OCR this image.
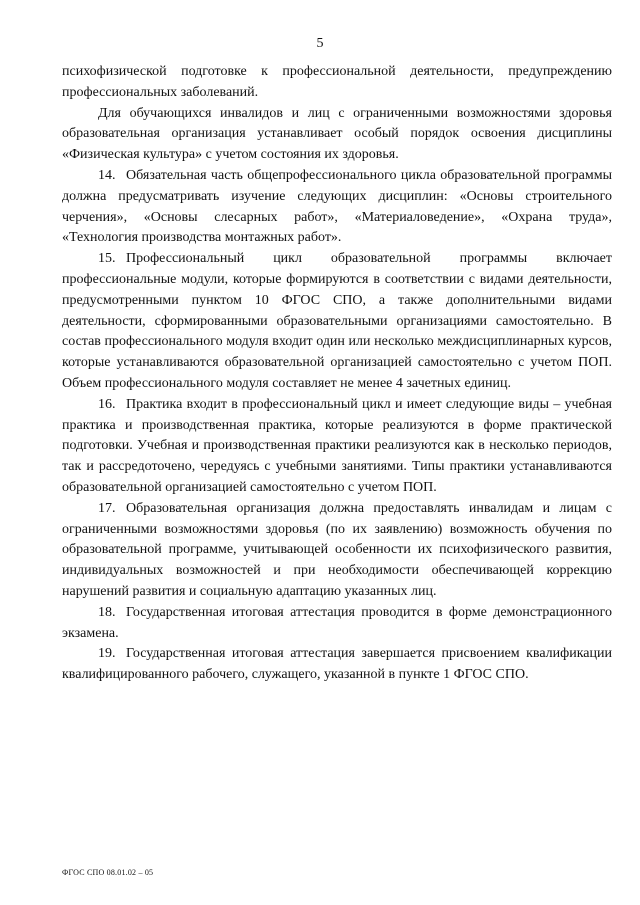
5

психофизической подготовке к профессиональной деятельности, предупреждению профессиональных заболеваний.

Для обучающихся инвалидов и лиц с ограниченными возможностями здоровья образовательная организация устанавливает особый порядок освоения дисциплины «Физическая культура» с учетом состояния их здоровья.

14. Обязательная часть общепрофессионального цикла образовательной программы должна предусматривать изучение следующих дисциплин: «Основы строительного черчения», «Основы слесарных работ», «Материаловедение», «Охрана труда», «Технология производства монтажных работ».

15. Профессиональный цикл образовательной программы включает профессиональные модули, которые формируются в соответствии с видами деятельности, предусмотренными пунктом 10 ФГОС СПО, а также дополнительными видами деятельности, сформированными образовательными организациями самостоятельно. В состав профессионального модуля входит один или несколько междисциплинарных курсов, которые устанавливаются образовательной организацией самостоятельно с учетом ПОП. Объем профессионального модуля составляет не менее 4 зачетных единиц.

16. Практика входит в профессиональный цикл и имеет следующие виды – учебная практика и производственная практика, которые реализуются в форме практической подготовки. Учебная и производственная практики реализуются как в несколько периодов, так и рассредоточено, чередуясь с учебными занятиями. Типы практики устанавливаются образовательной организацией самостоятельно с учетом ПОП.

17. Образовательная организация должна предоставлять инвалидам и лицам с ограниченными возможностями здоровья (по их заявлению) возможность обучения по образовательной программе, учитывающей особенности их психофизического развития, индивидуальных возможностей и при необходимости обеспечивающей коррекцию нарушений развития и социальную адаптацию указанных лиц.

18. Государственная итоговая аттестация проводится в форме демонстрационного экзамена.

19. Государственная итоговая аттестация завершается присвоением квалификации квалифицированного рабочего, служащего, указанной в пункте 1 ФГОС СПО.

ФГОС СПО 08.01.02 – 05
